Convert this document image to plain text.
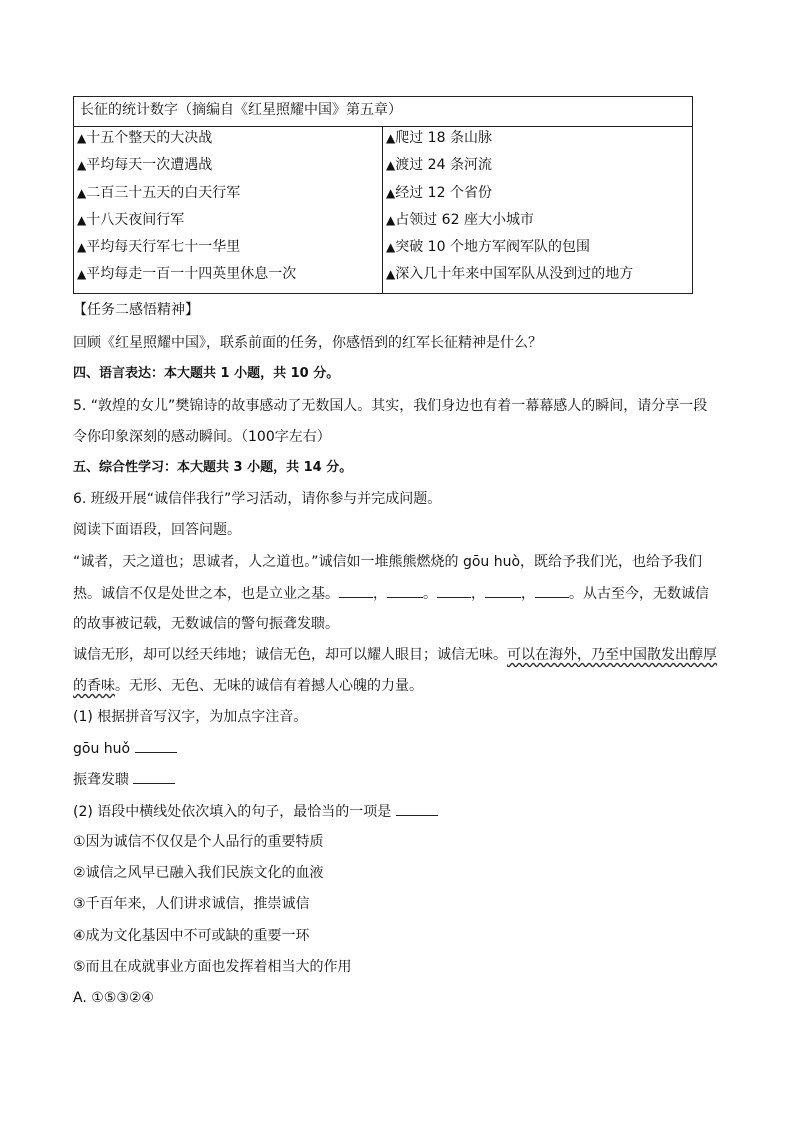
长征的统计数字（摘编自《红星照耀中国》第五章）
▲十五个整天的大决战
▲平均每天一次遭遇战
▲二百三十五天的白天行军
▲十八天夜间行军
▲平均每天行军七十一华里
▲平均每走一百一十四英里休息一次
▲爬过 18 条山脉
▲渡过 24 条河流
▲经过 12 个省份
▲占领过 62 座大小城市
▲突破 10 个地方军阀军队的包围
▲深入几十年来中国军队从没到过的地方
【任务二感悟精神】
回顾《红星照耀中国》，联系前面的任务，你感悟到的红军长征精神是什么？
四、语言表达：本大题共 1 小题，共 10 分。
5. “敦煌的女儿”樊锦诗的故事感动了无数国人。其实，我们身边也有着一幕幕感人的瞬间，请分享一段
令你印象深刻的感动瞬间。（100字左右）
五、综合性学习：本大题共 3 小题，共 14 分。
6. 班级开展“诚信伴我行”学习活动，请你参与并完成问题。
阅读下面语段，回答问题。
“诚者，天之道也；思诚者，人之道也。”诚信如一堆熊熊燃烧的 gōu huò，既给予我们光，也给予我们
热。诚信不仅是处世之本，也是立业之基。 ，	。 ，	， 。从古至今，无数诚信
的故事被记载，无数诚信的警句振聋发聩。
诚信无形，却可以经天纬地；诚信无色，却可以耀人眼目；诚信无味。可以在海外，乃至中国散发出醇厚
的香味。无形、无色、无味的诚信有着撼人心魄的力量。
(1) 根据拼音写汉字，为加点字注音。
gōu huǒ
振聋发聩
(2) 语段中横线处依次填入的句子，最恰当的一项是
①因为诚信不仅仅是个人品行的重要特质
②诚信之风早已融入我们民族文化的血液
③千百年来，人们讲求诚信，推崇诚信
④成为文化基因中不可或缺的重要一环
⑤而且在成就事业方面也发挥着相当大的作用
A. ①⑤③②④
